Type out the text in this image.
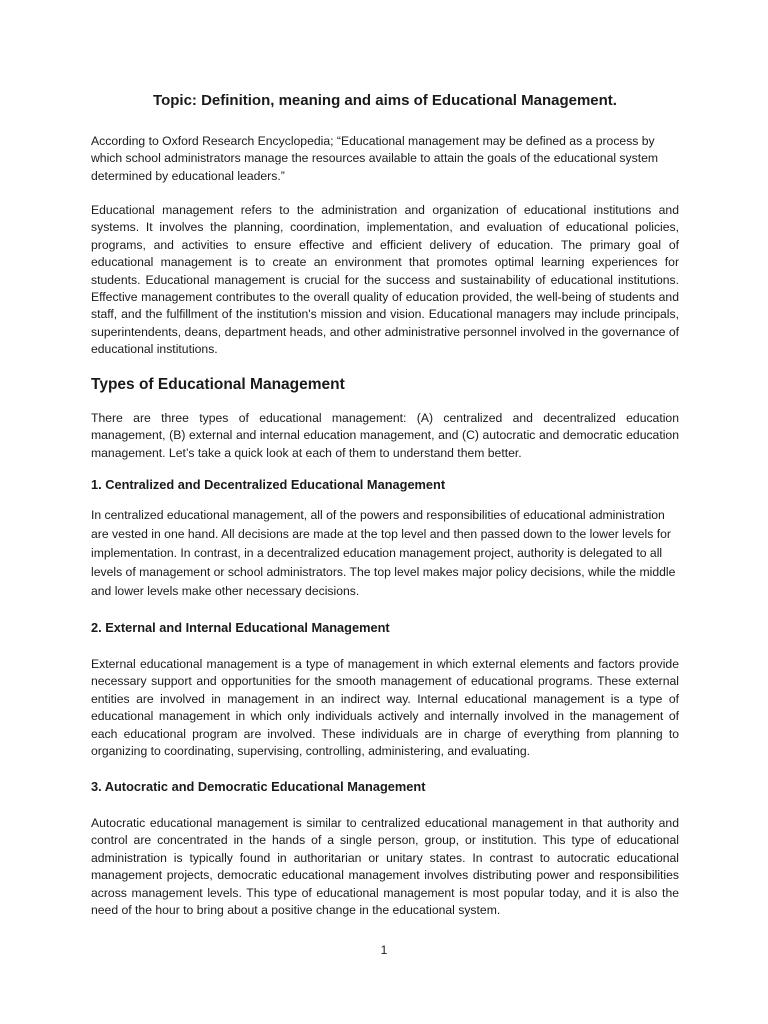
Topic: Definition, meaning and aims of Educational Management.

According to Oxford Research Encyclopedia; “Educational management may be defined as a process by which school administrators manage the resources available to attain the goals of the educational system determined by educational leaders.”

Educational management refers to the administration and organization of educational institutions and systems. It involves the planning, coordination, implementation, and evaluation of educational policies, programs, and activities to ensure effective and efficient delivery of education. The primary goal of educational management is to create an environment that promotes optimal learning experiences for students. Educational management is crucial for the success and sustainability of educational institutions. Effective management contributes to the overall quality of education provided, the well-being of students and staff, and the fulfillment of the institution's mission and vision. Educational managers may include principals, superintendents, deans, department heads, and other administrative personnel involved in the governance of educational institutions.

Types of Educational Management

There are three types of educational management: (A) centralized and decentralized education management, (B) external and internal education management, and (C) autocratic and democratic education management. Let’s take a quick look at each of them to understand them better.

1. Centralized and Decentralized Educational Management

In centralized educational management, all of the powers and responsibilities of educational administration are vested in one hand. All decisions are made at the top level and then passed down to the lower levels for implementation. In contrast, in a decentralized education management project, authority is delegated to all levels of management or school administrators. The top level makes major policy decisions, while the middle and lower levels make other necessary decisions.

2. External and Internal Educational Management

External educational management is a type of management in which external elements and factors provide necessary support and opportunities for the smooth management of educational programs. These external entities are involved in management in an indirect way. Internal educational management is a type of educational management in which only individuals actively and internally involved in the management of each educational program are involved. These individuals are in charge of everything from planning to organizing to coordinating, supervising, controlling, administering, and evaluating.

3. Autocratic and Democratic Educational Management

Autocratic educational management is similar to centralized educational management in that authority and control are concentrated in the hands of a single person, group, or institution. This type of educational administration is typically found in authoritarian or unitary states. In contrast to autocratic educational management projects, democratic educational management involves distributing power and responsibilities across management levels. This type of educational management is most popular today, and it is also the need of the hour to bring about a positive change in the educational system.

1
